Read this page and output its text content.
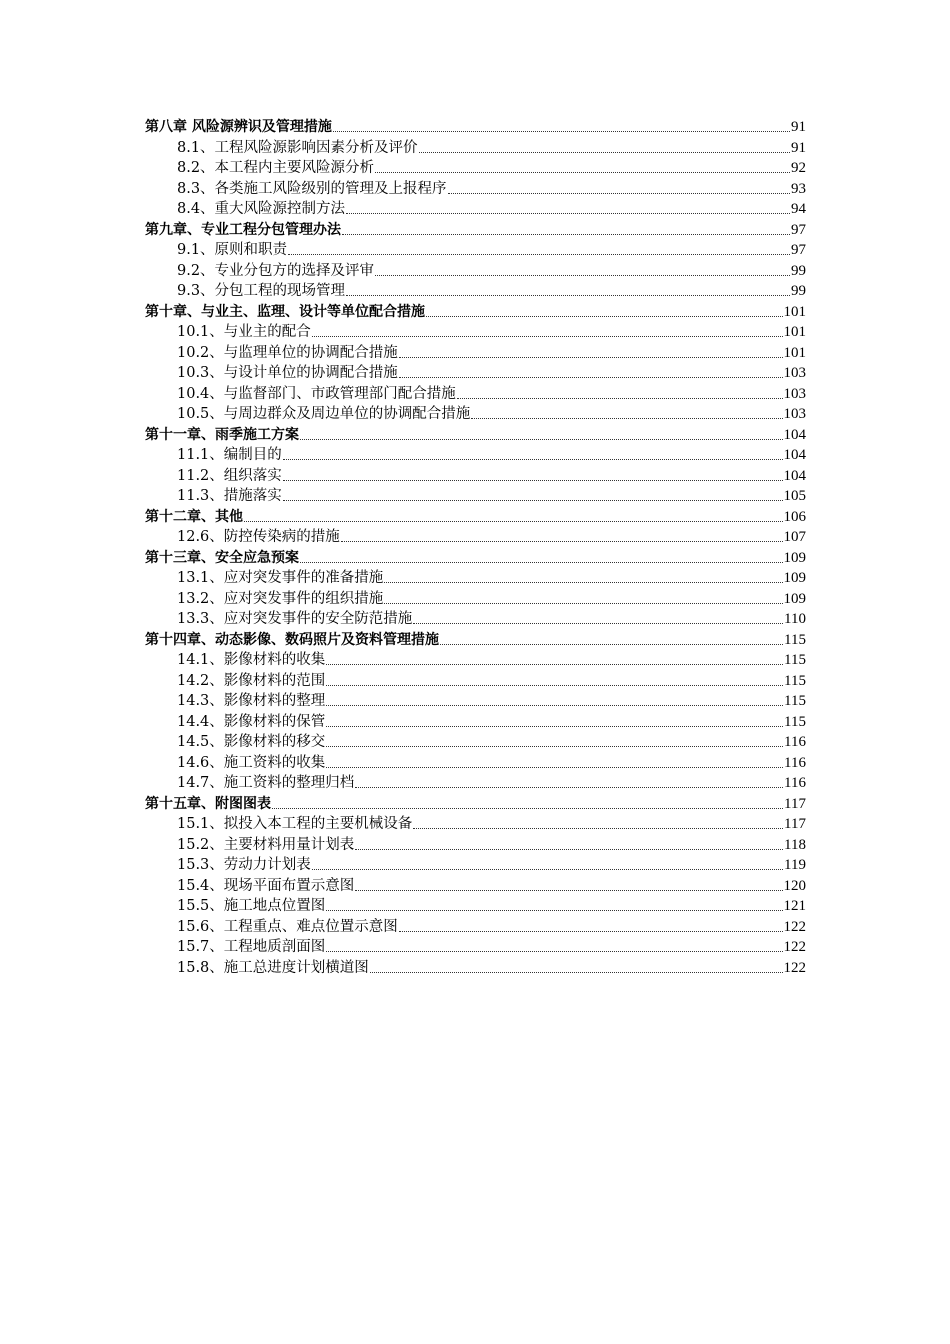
第八章 风险源辨识及管理措施	91
8.1、工程风险源影响因素分析及评价	91
8.2、本工程内主要风险源分析	92
8.3、各类施工风险级别的管理及上报程序	93
8.4、重大风险源控制方法	94
第九章、专业工程分包管理办法	97
9.1、原则和职责	97
9.2、专业分包方的选择及评审	99
9.3、分包工程的现场管理	99
第十章、与业主、监理、设计等单位配合措施	101
10.1、与业主的配合	101
10.2、与监理单位的协调配合措施	101
10.3、与设计单位的协调配合措施	103
10.4、与监督部门、市政管理部门配合措施	103
10.5、与周边群众及周边单位的协调配合措施	103
第十一章、雨季施工方案	104
11.1、编制目的	104
11.2、组织落实	104
11.3、措施落实	105
第十二章、其他	106
12.6、防控传染病的措施	107
第十三章、安全应急预案	109
13.1、应对突发事件的准备措施	109
13.2、应对突发事件的组织措施	109
13.3、应对突发事件的安全防范措施	110
第十四章、动态影像、数码照片及资料管理措施	115
14.1、影像材料的收集	115
14.2、影像材料的范围	115
14.3、影像材料的整理	115
14.4、影像材料的保管	115
14.5、影像材料的移交	116
14.6、施工资料的收集	116
14.7、施工资料的整理归档	116
第十五章、附图图表	117
15.1、拟投入本工程的主要机械设备	117
15.2、主要材料用量计划表	118
15.3、劳动力计划表	119
15.4、现场平面布置示意图	120
15.5、施工地点位置图	121
15.6、工程重点、难点位置示意图	122
15.7、工程地质剖面图	122
15.8、施工总进度计划横道图	122
